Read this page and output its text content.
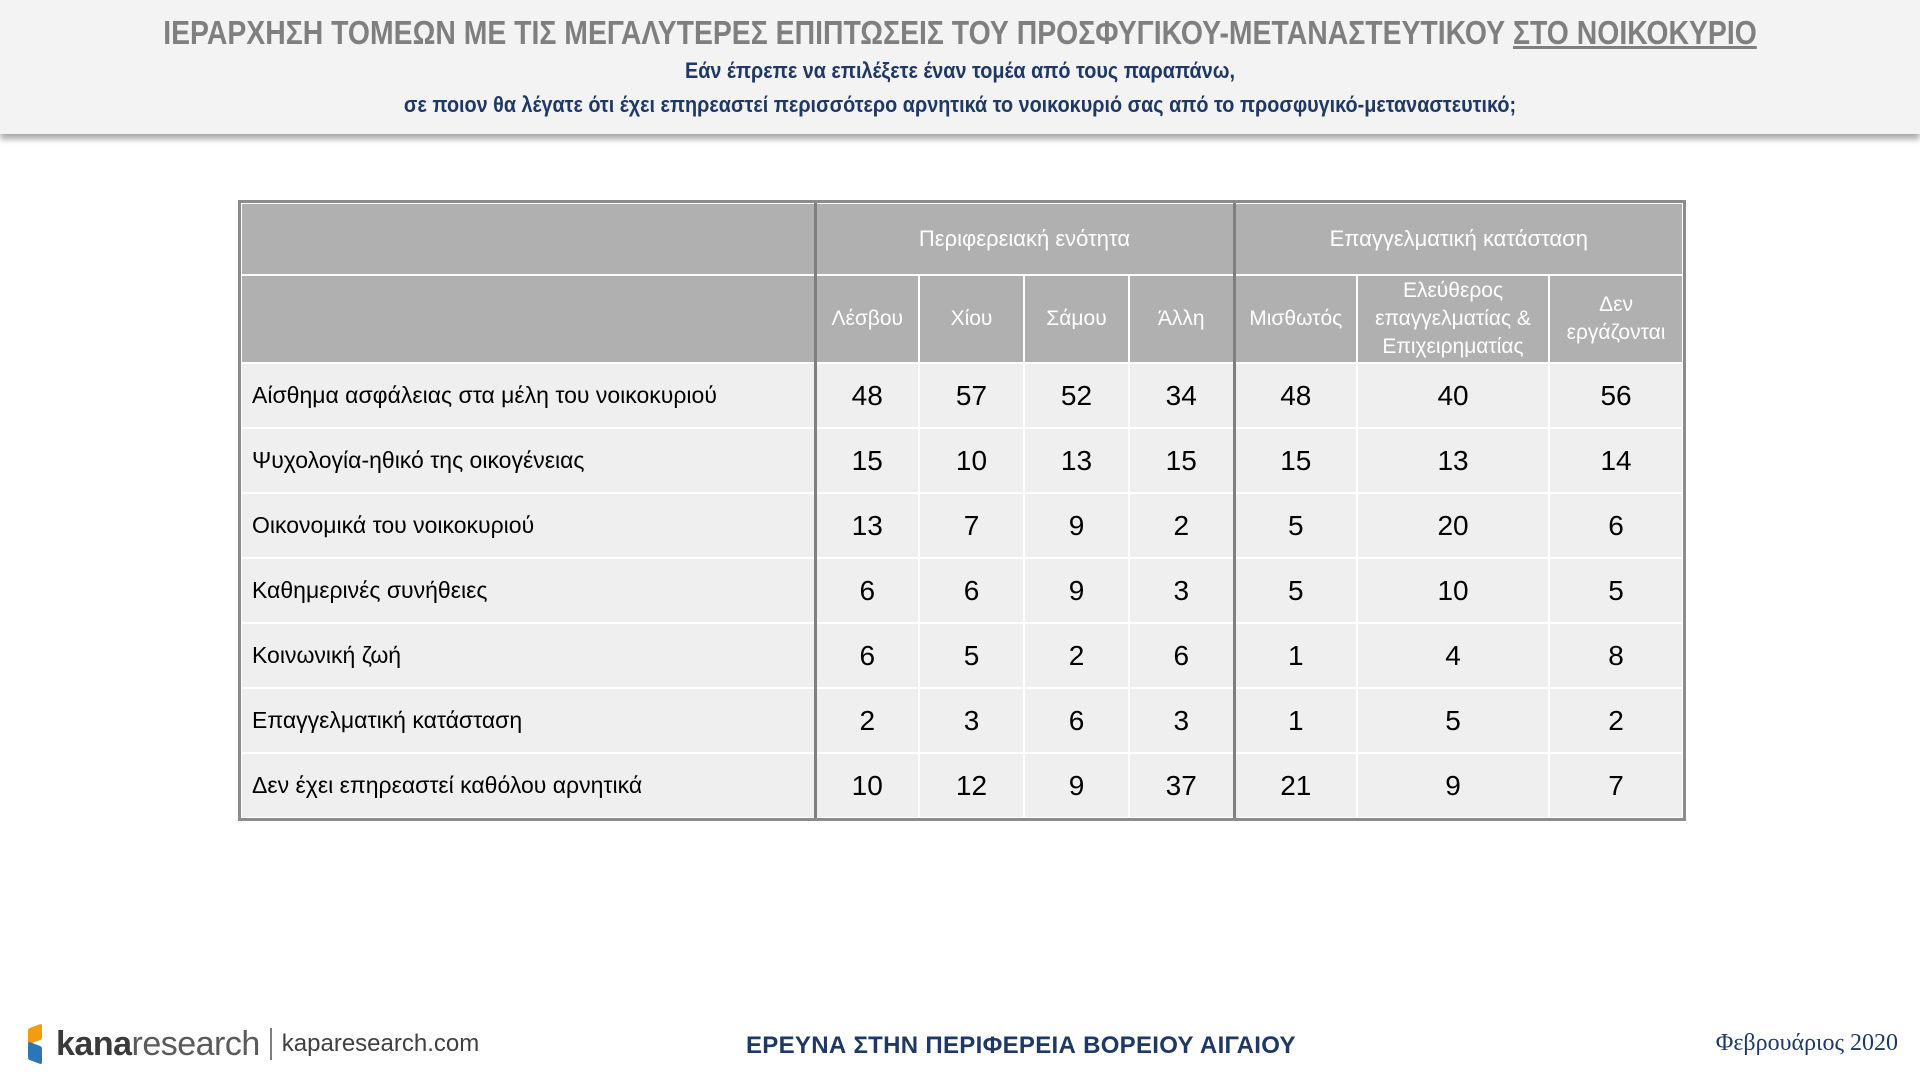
ΙΕΡΑΡΧΗΣΗ ΤΟΜΕΩΝ ΜΕ ΤΙΣ ΜΕΓΑΛΥΤΕΡΕΣ ΕΠΙΠΤΩΣΕΙΣ ΤΟΥ ΠΡΟΣΦΥΓΙΚΟΥ-ΜΕΤΑΝΑΣΤΕΥΤΙΚΟΥ ΣΤΟ ΝΟΙΚΟΚΥΡΙΟ
Εάν έπρεπε να επιλέξετε έναν τομέα από τους παραπάνω,
σε ποιον θα λέγατε ότι έχει επηρεαστεί περισσότερο αρνητικά το νοικοκυριό σας από το προσφυγικό-μεταναστευτικό;
	Περιφερειακή ενότητα				Επαγγελματική κατάσταση		
	Λέσβου	Χίου	Σάμου	Άλλη	Μισθωτός	Ελεύθερος επαγγελματίας & Επιχειρηματίας	Δεν εργάζονται
Αίσθημα ασφάλειας στα μέλη του νοικοκυριού	48	57	52	34	48	40	56
Ψυχολογία-ηθικό της οικογένειας	15	10	13	15	15	13	14
Οικονομικά του νοικοκυριού	13	7	9	2	5	20	6
Καθημερινές συνήθειες	6	6	9	3	5	10	5
Κοινωνική ζωή	6	5	2	6	1	4	8
Επαγγελματική κατάσταση	2	3	6	3	1	5	2
Δεν έχει επηρεαστεί καθόλου αρνητικά	10	12	9	37	21	9	7
kanaresearch kaparesearch.com	ΕΡΕΥΝΑ ΣΤΗΝ ΠΕΡΙΦΕΡΕΙΑ ΒΟΡΕΙΟΥ ΑΙΓΑΙΟΥ	Φεβρουάριος 2020
